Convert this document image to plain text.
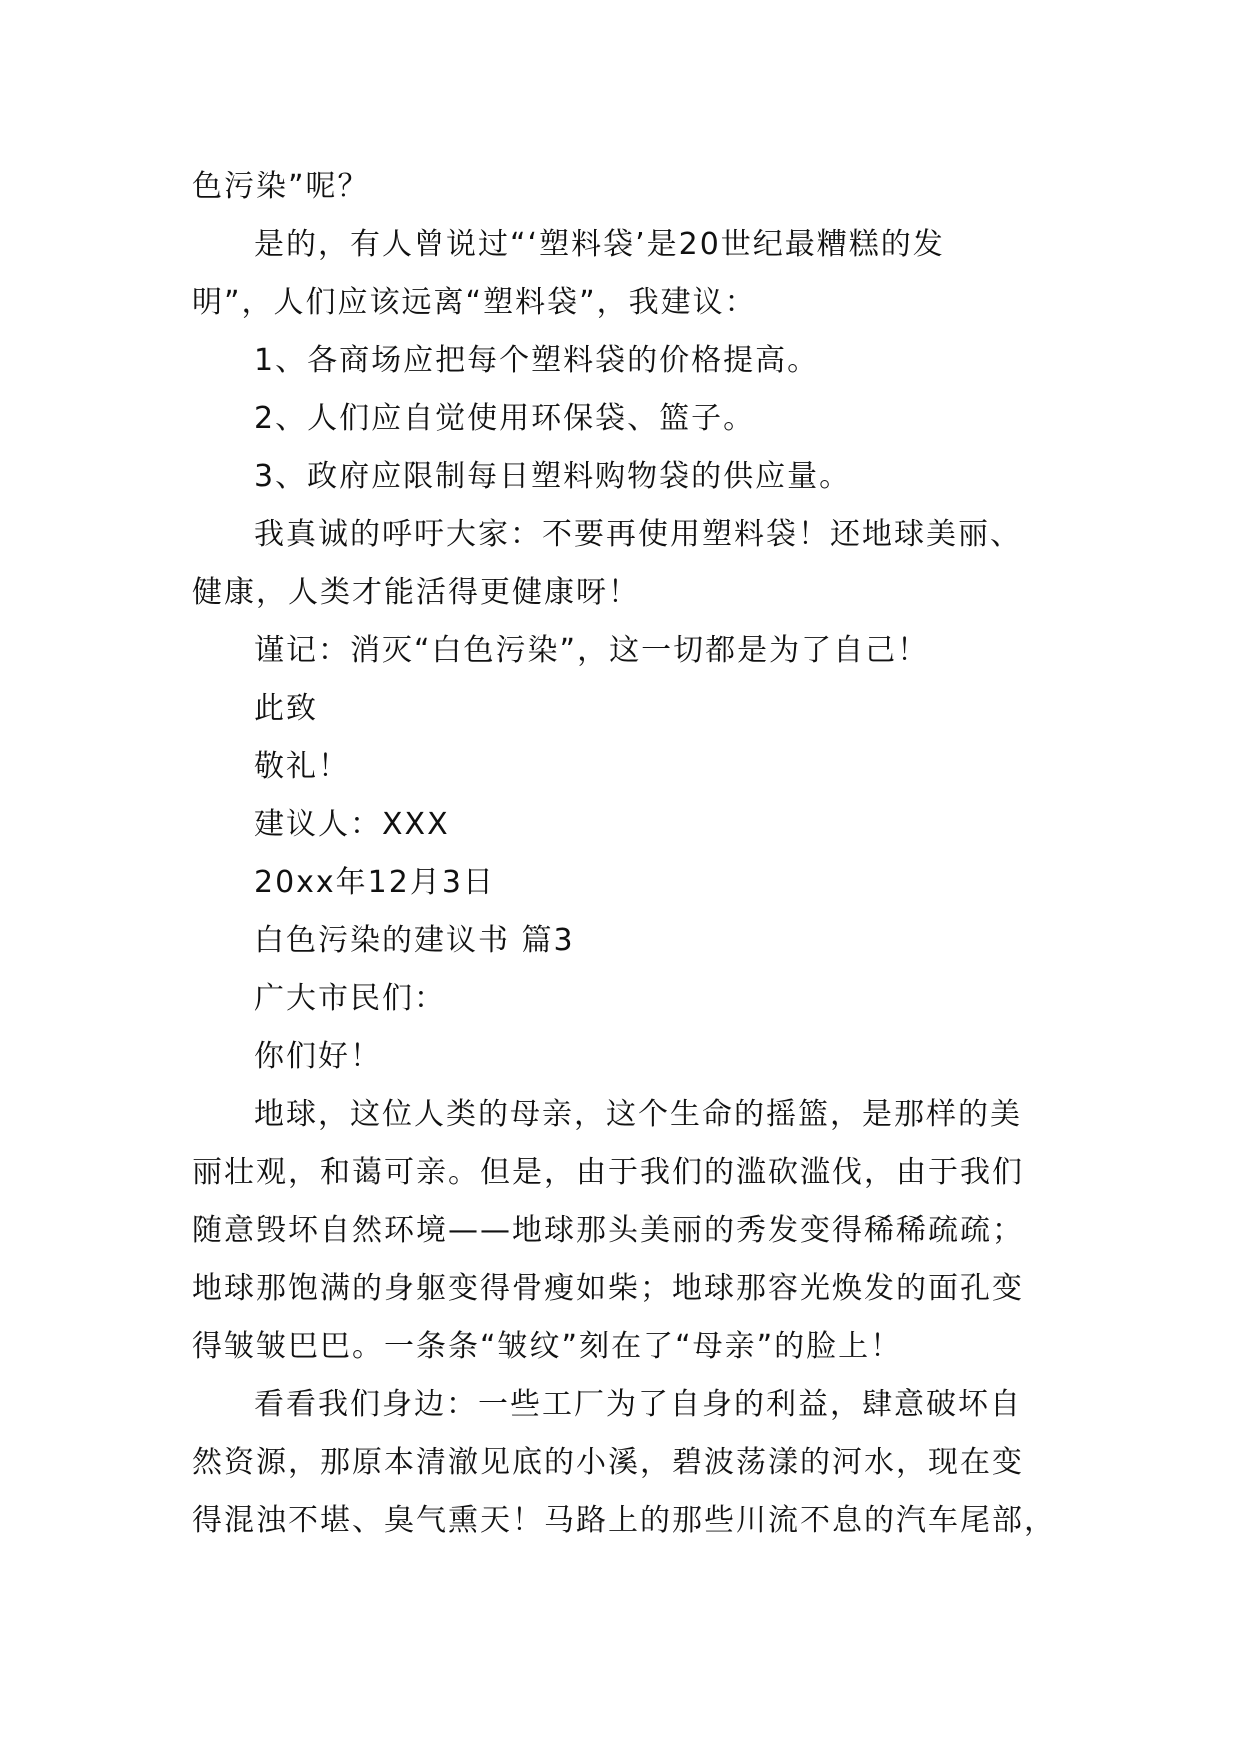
色污染”呢？
是的，有人曾说过“‘塑料袋’是20世纪最糟糕的发
明”，人们应该远离“塑料袋”，我建议：
1、各商场应把每个塑料袋的价格提高。
2、人们应自觉使用环保袋、篮子。
3、政府应限制每日塑料购物袋的供应量。
我真诚的呼吁大家：不要再使用塑料袋！还地球美丽、
健康，人类才能活得更健康呀！
谨记：消灭“白色污染”，这一切都是为了自己！
此致
敬礼！
建议人：XXX
20xx年12月3日
白色污染的建议书 篇3
广大市民们：
你们好！
地球，这位人类的母亲，这个生命的摇篮，是那样的美
丽壮观，和蔼可亲。但是，由于我们的滥砍滥伐，由于我们
随意毁坏自然环境——地球那头美丽的秀发变得稀稀疏疏；
地球那饱满的身躯变得骨瘦如柴；地球那容光焕发的面孔变
得皱皱巴巴。一条条“皱纹”刻在了“母亲”的脸上！
看看我们身边：一些工厂为了自身的利益，肆意破坏自
然资源，那原本清澈见底的小溪，碧波荡漾的河水，现在变
得混浊不堪、臭气熏天！马路上的那些川流不息的汽车尾部，
